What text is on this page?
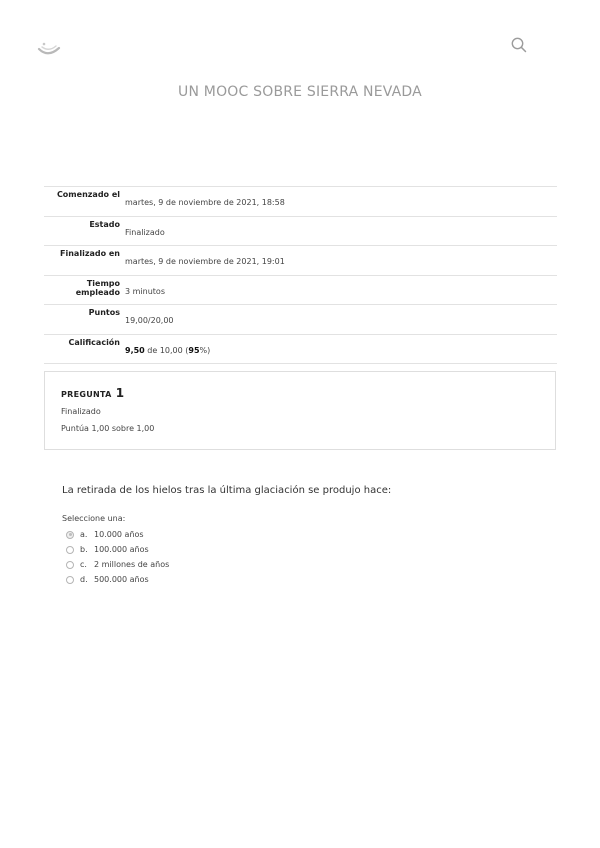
UN MOOC SOBRE SIERRA NEVADA
Comenzado el	martes, 9 de noviembre de 2021, 18:58
Estado	Finalizado
Finalizado en	martes, 9 de noviembre de 2021, 19:01
Tiempo empleado	3 minutos
Puntos	19,00/20,00
Calificación	9,50 de 10,00 (95%)
PREGUNTA 1
Finalizado
Puntúa 1,00 sobre 1,00
La retirada de los hielos tras la última glaciación se produjo hace:
Seleccione una:
a. 10.000 años
b. 100.000 años
c. 2 millones de años
d. 500.000 años
